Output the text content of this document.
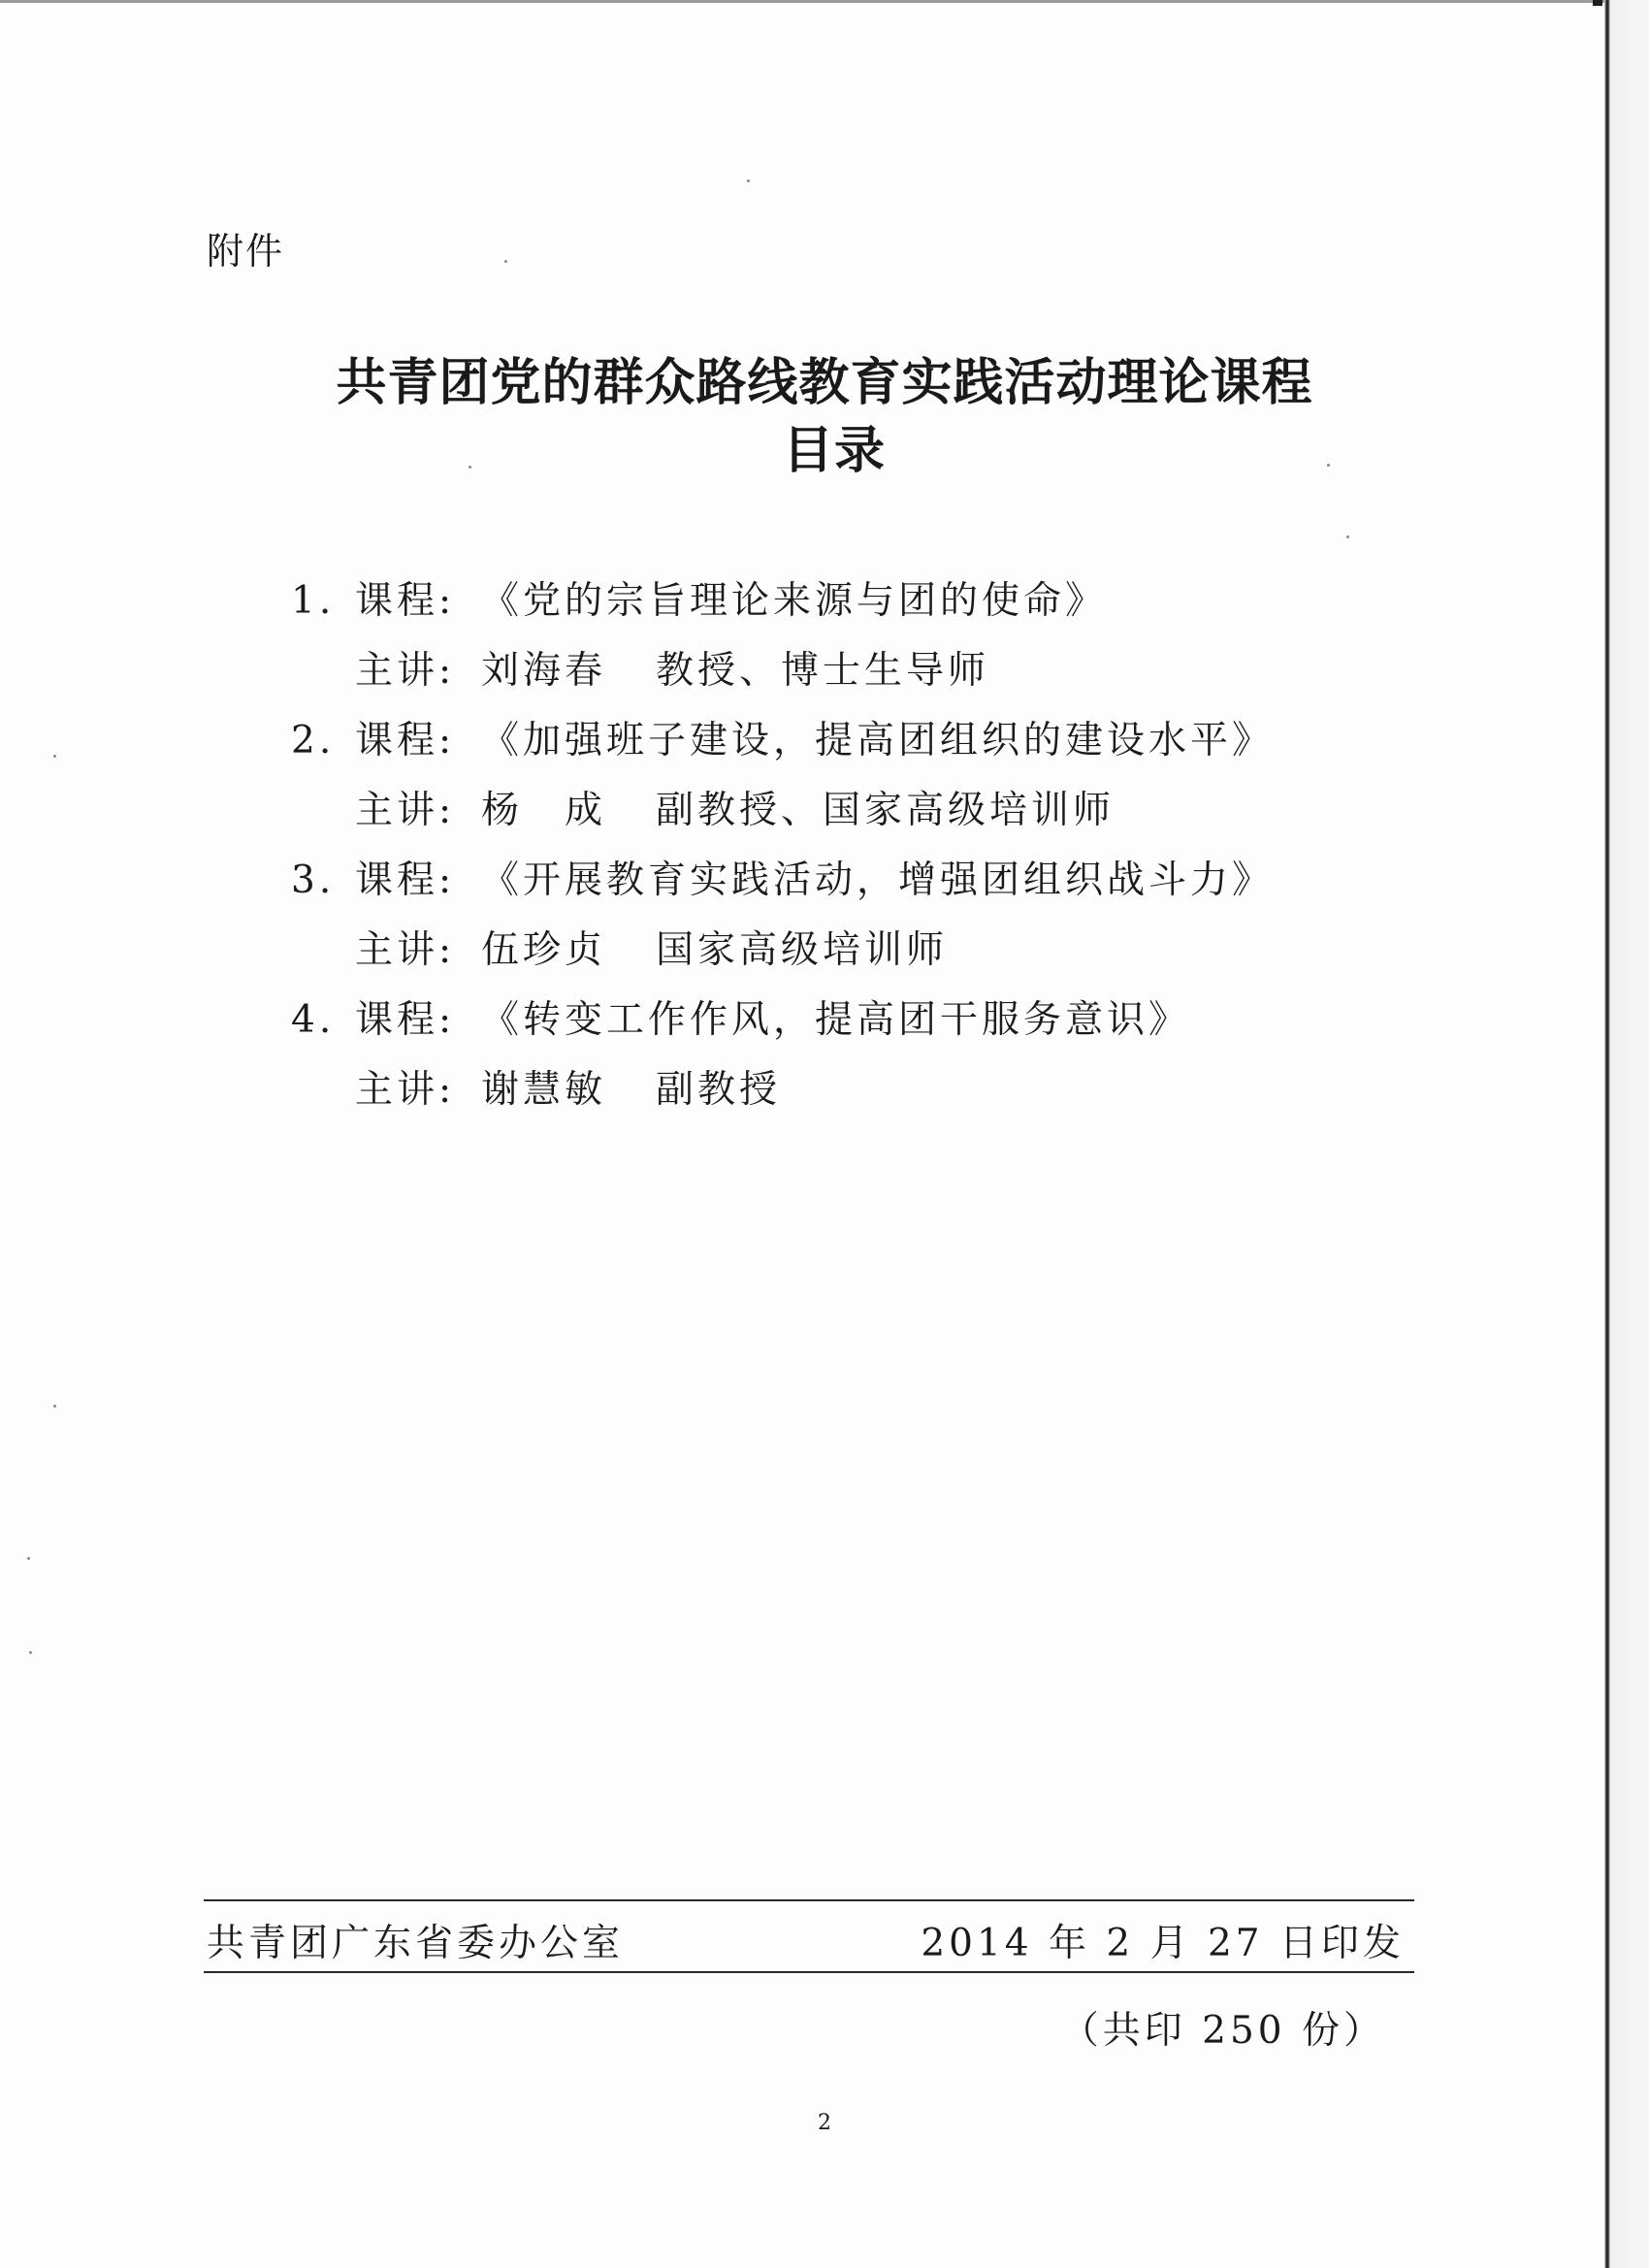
附件
共青团党的群众路线教育实践活动理论课程
目录
1. 课程: 《党的宗旨理论来源与团的使命》
主讲: 刘海春	教授、博士生导师
2. 课程: 《加强班子建设，提高团组织的建设水平》
主讲: 杨　成	副教授、国家高级培训师
3. 课程: 《开展教育实践活动，增强团组织战斗力》
主讲: 伍珍贞	国家高级培训师
4. 课程: 《转变工作作风，提高团干服务意识》
主讲: 谢慧敏	副教授
共青团广东省委办公室	2014 年 2 月 27 日印发
（共印 250 份）
2
